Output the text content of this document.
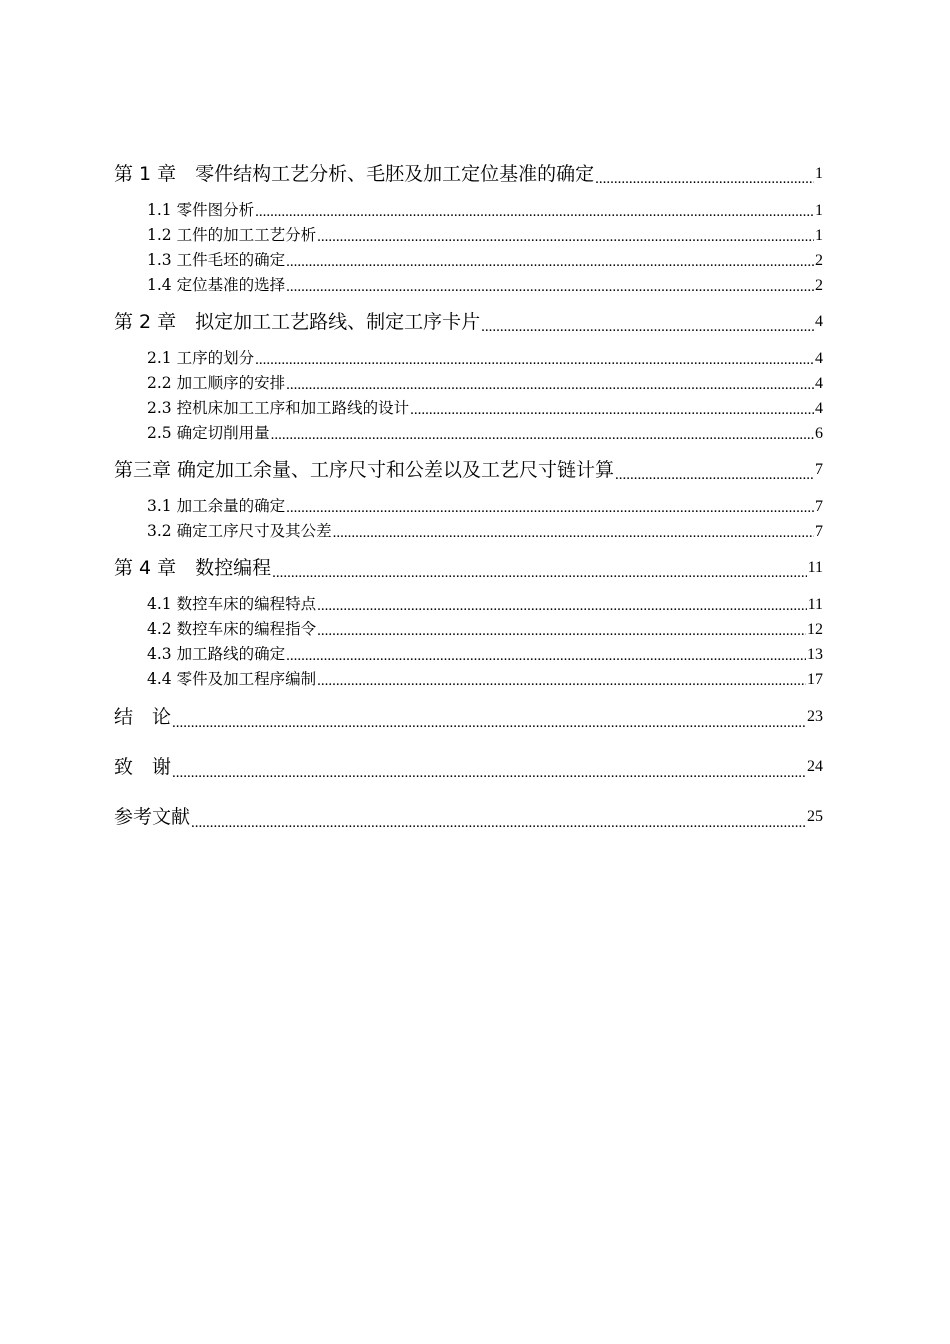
第 1 章　零件结构工艺分析、毛胚及加工定位基准的确定 .....	1
1.1 零件图分析 .....	1
1.2 工件的加工工艺分析 .....	1
1.3 工件毛坯的确定 .....	2
1.4 定位基准的选择 .....	2
第 2 章　拟定加工工艺路线、制定工序卡片 .....	4
2.1 工序的划分 .....	4
2.2 加工顺序的安排 .....	4
2.3 控机床加工工序和加工路线的设计 .....	4
2.5 确定切削用量 .....	6
第三章 确定加工余量、工序尺寸和公差以及工艺尺寸链计算 .....	7
3.1 加工余量的确定 .....	7
3.2 确定工序尺寸及其公差 .....	7
第 4 章　数控编程 .....	11
4.1 数控车床的编程特点 .....	11
4.2 数控车床的编程指令 .....	12
4.3 加工路线的确定 .....	13
4.4 零件及加工程序编制 .....	17
结　论 .....	23
致　谢 .....	24
参考文献 .....	25
